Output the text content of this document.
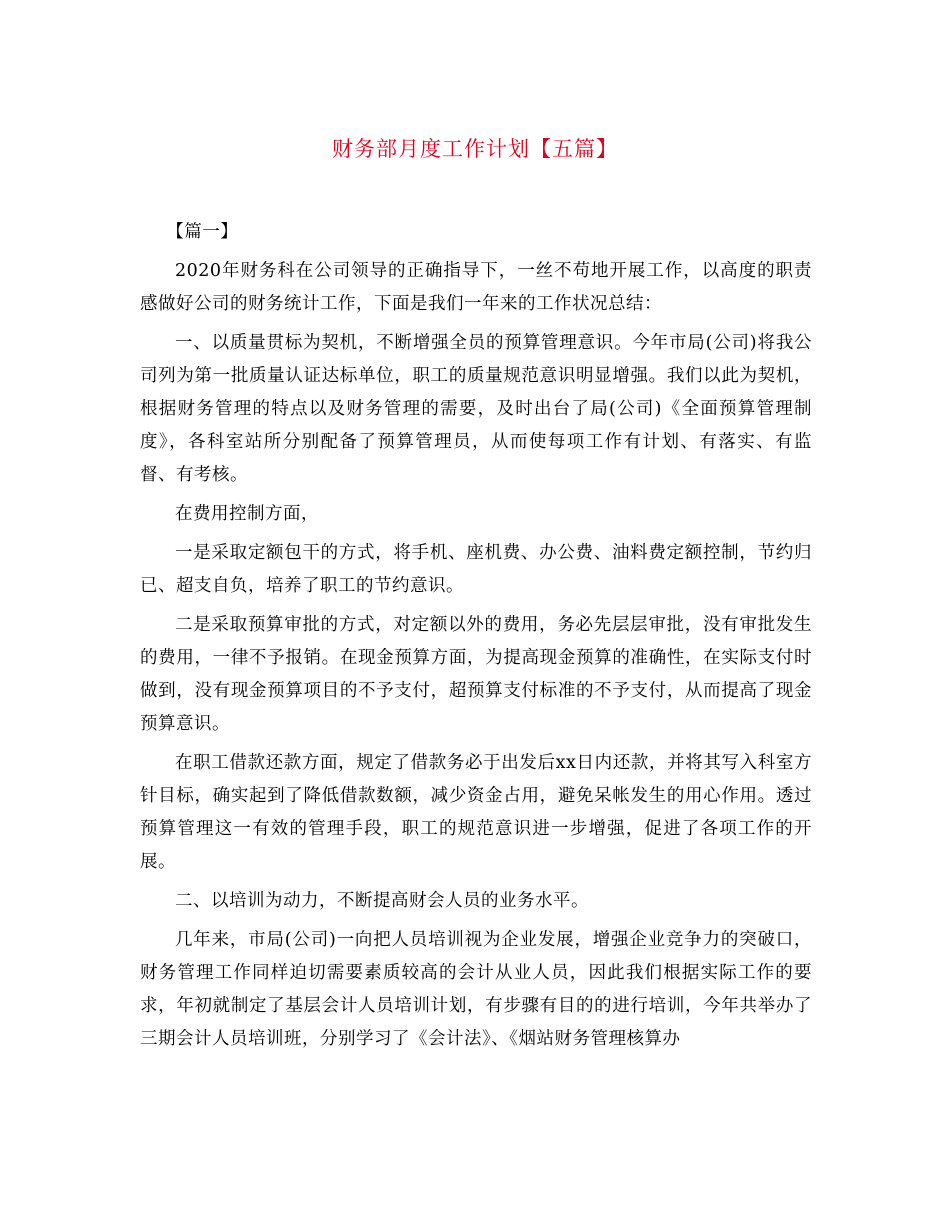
财务部月度工作计划【五篇】

【篇一】

2020年财务科在公司领导的正确指导下，一丝不苟地开展工作，以高度的职责感做好公司的财务统计工作，下面是我们一年来的工作状况总结：

一、以质量贯标为契机，不断增强全员的预算管理意识。今年市局(公司)将我公司列为第一批质量认证达标单位，职工的质量规范意识明显增强。我们以此为契机，根据财务管理的特点以及财务管理的需要，及时出台了局(公司)《全面预算管理制度》，各科室站所分别配备了预算管理员，从而使每项工作有计划、有落实、有监督、有考核。

在费用控制方面，

一是采取定额包干的方式，将手机、座机费、办公费、油料费定额控制，节约归已、超支自负，培养了职工的节约意识。

二是采取预算审批的方式，对定额以外的费用，务必先层层审批，没有审批发生的费用，一律不予报销。在现金预算方面，为提高现金预算的准确性，在实际支付时做到，没有现金预算项目的不予支付，超预算支付标准的不予支付，从而提高了现金预算意识。

在职工借款还款方面，规定了借款务必于出发后xx日内还款，并将其写入科室方针目标，确实起到了降低借款数额，减少资金占用，避免呆帐发生的用心作用。透过预算管理这一有效的管理手段，职工的规范意识进一步增强，促进了各项工作的开展。

二、以培训为动力，不断提高财会人员的业务水平。

几年来，市局(公司)一向把人员培训视为企业发展，增强企业竞争力的突破口，财务管理工作同样迫切需要素质较高的会计从业人员，因此我们根据实际工作的要求，年初就制定了基层会计人员培训计划，有步骤有目的的进行培训，今年共举办了三期会计人员培训班，分别学习了《会计法》、《烟站财务管理核算办
